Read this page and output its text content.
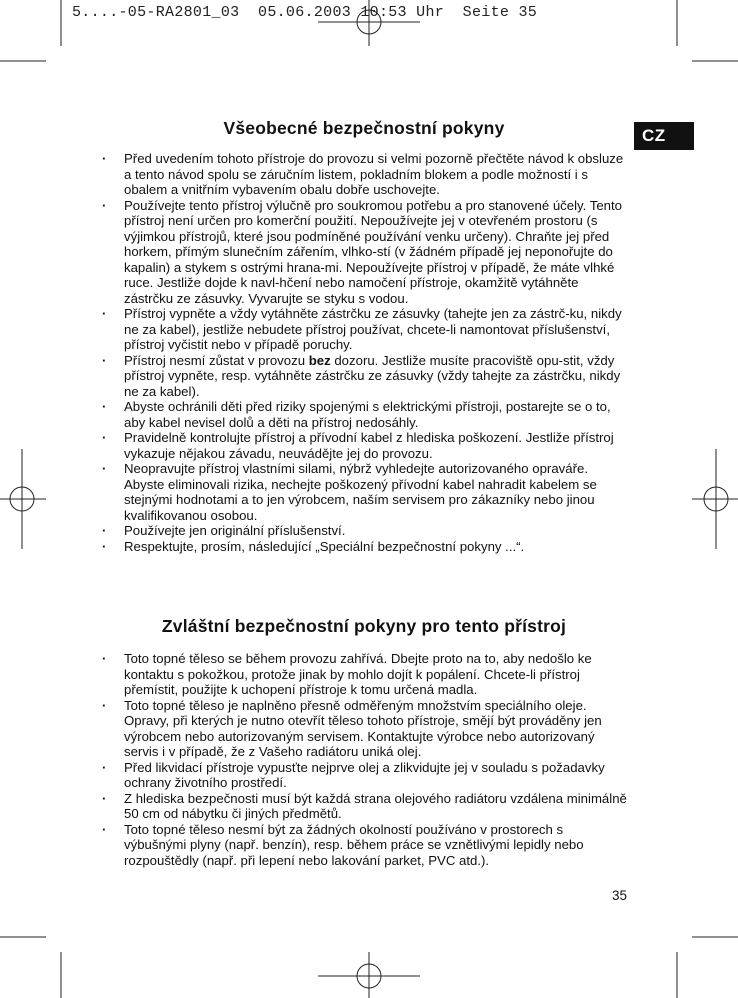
5....-05-RA2801_03  05.06.2003 10:53 Uhr  Seite 35
CZ
Všeobecné bezpečnostní pokyny
· Před uvedením tohoto přístroje do provozu si velmi pozorně přečtěte návod k obsluze a tento návod spolu se záručním listem, pokladním blokem a podle možností i s obalem a vnitřním vybavením obalu dobře uschovejte.
· Používejte tento přístroj výlučně pro soukromou potřebu a pro stanovené účely. Tento přístroj není určen pro komerční použití. Nepoužívejte jej v otevřeném prostoru (s výjimkou přístrojů, které jsou podmíněné používání venku určeny). Chraňte jej před horkem, přímým slunečním zářením, vlhko-stí (v žádném případě jej neponořujte do kapalin) a stykem s ostrými hrana-mi. Nepoužívejte přístroj v případě, že máte vlhké ruce. Jestliže dojde k navl-hčení nebo namočení přístroje, okamžitě vytáhněte zástrčku ze zásuvky. Vyvarujte se styku s vodou.
· Přístroj vypněte a vždy vytáhněte zástrčku ze zásuvky (tahejte jen za zástrč-ku, nikdy ne za kabel), jestliže nebudete přístroj používat, chcete-li namontovat příslušenství, přístroj vyčistit nebo v případě poruchy.
· Přístroj nesmí zůstat v provozu bez dozoru. Jestliže musíte pracoviště opu-stit, vždy přístroj vypněte, resp. vytáhněte zástrčku ze zásuvky (vždy tahejte za zástrčku, nikdy ne za kabel).
· Abyste ochránili děti před riziky spojenými s elektrickými přístroji, postarejte se o to, aby kabel nevisel dolů a děti na přístroj nedosáhly.
· Pravidelně kontrolujte přístroj a přívodní kabel z hlediska poškození. Jestliže přístroj vykazuje nějakou závadu, neuvádějte jej do provozu.
· Neopravujte přístroj vlastními silami, nýbrž vyhledejte autorizovaného opraváře. Abyste eliminovali rizika, nechejte poškozený přívodní kabel nahradit kabelem se stejnými hodnotami a to jen výrobcem, naším servisem pro zákazníky nebo jinou kvalifikovanou osobou.
· Používejte jen originální příslušenství.
· Respektujte, prosím, následující „Speciální bezpečnostní pokyny ...“.
Zvláštní bezpečnostní pokyny pro tento přístroj
· Toto topné těleso se během provozu zahřívá. Dbejte proto na to, aby nedošlo ke kontaktu s pokožkou, protože jinak by mohlo dojít k popálení. Chcete-li přístroj přemístit, použijte k uchopení přístroje k tomu určená madla.
· Toto topné těleso je naplněno přesně odměřeným množstvím speciálního oleje. Opravy, při kterých je nutno otevřít těleso tohoto přístroje, smějí být prováděny jen výrobcem nebo autorizovaným servisem. Kontaktujte výrobce nebo autorizovaný servis i v případě, že z Vašeho radiátoru uniká olej.
· Před likvidací přístroje vypusťte nejprve olej a zlikvidujte jej v souladu s požadavky ochrany životního prostředí.
· Z hlediska bezpečnosti musí být každá strana olejového radiátoru vzdálena minimálně 50 cm od nábytku či jiných předmětů.
· Toto topné těleso nesmí být za žádných okolností používáno v prostorech s výbušnými plyny (např. benzín), resp. během práce se vznětlivými lepidly nebo rozpouštědly (např. při lepení nebo lakování parket, PVC atd.).
35
